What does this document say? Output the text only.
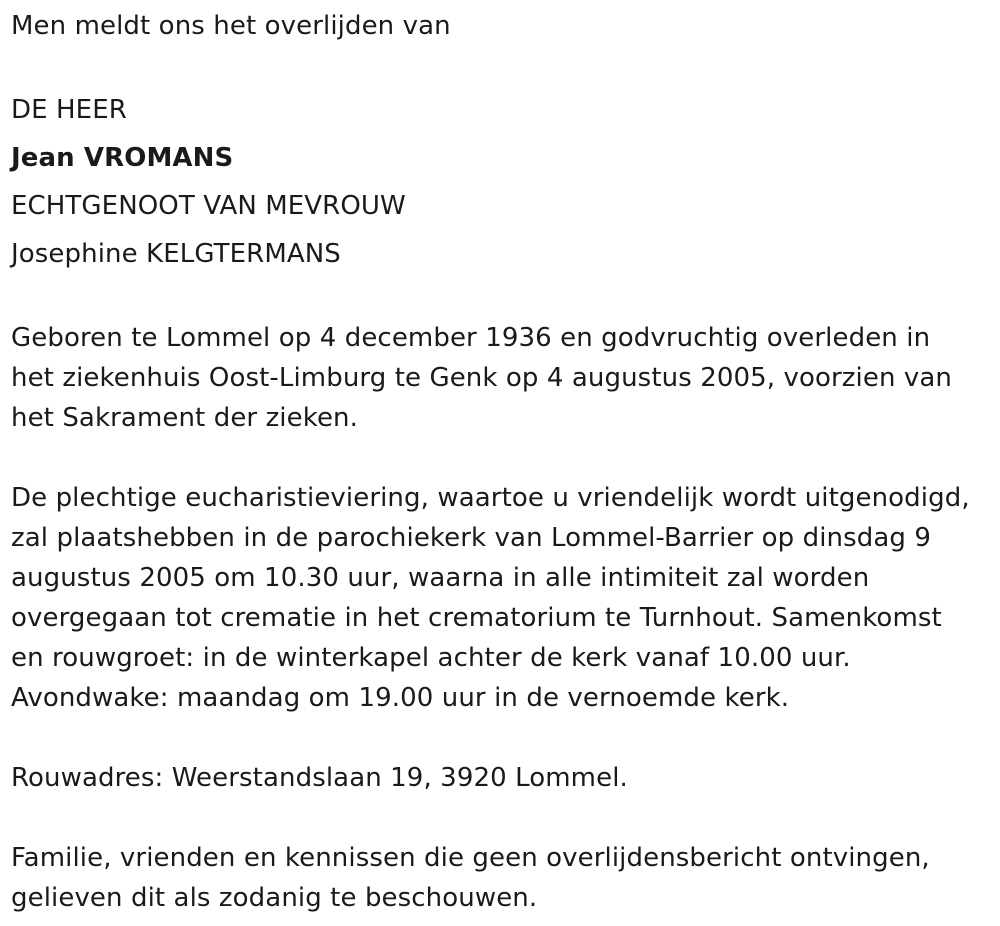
Men meldt ons het overlijden van
DE HEER
Jean VROMANS
ECHTGENOOT VAN MEVROUW
Josephine KELGTERMANS
Geboren te Lommel op 4 december 1936 en godvruchtig overleden in
het ziekenhuis Oost-Limburg te Genk op 4 augustus 2005, voorzien van
het Sakrament der zieken.
De plechtige eucharistieviering, waartoe u vriendelijk wordt uitgenodigd,
zal plaatshebben in de parochiekerk van Lommel-Barrier op dinsdag 9
augustus 2005 om 10.30 uur, waarna in alle intimiteit zal worden
overgegaan tot crematie in het crematorium te Turnhout. Samenkomst
en rouwgroet: in de winterkapel achter de kerk vanaf 10.00 uur.
Avondwake: maandag om 19.00 uur in de vernoemde kerk.
Rouwadres: Weerstandslaan 19, 3920 Lommel.
Familie, vrienden en kennissen die geen overlijdensbericht ontvingen,
gelieven dit als zodanig te beschouwen.
